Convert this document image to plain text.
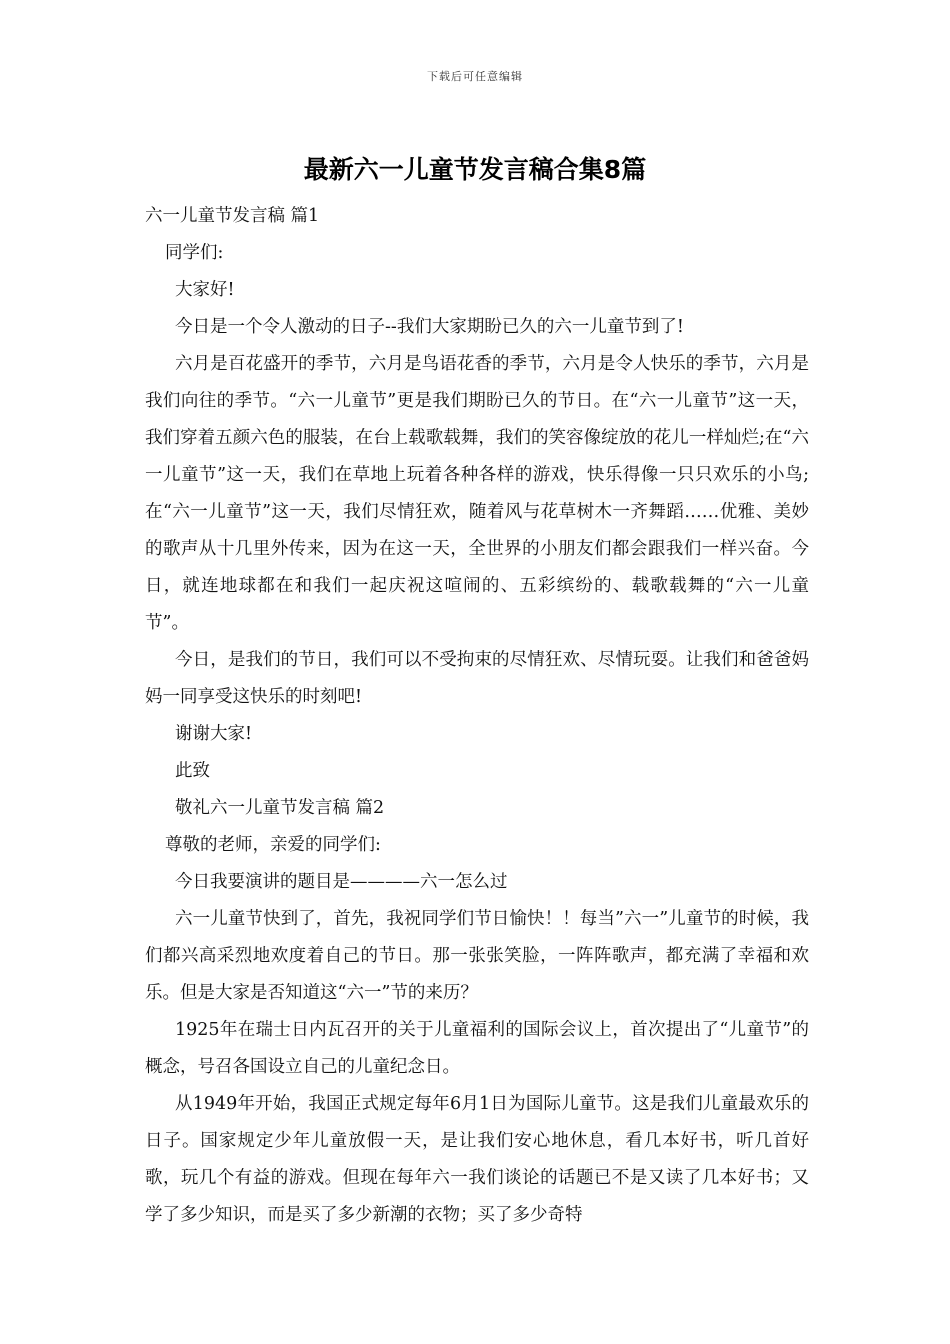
下载后可任意编辑
最新六一儿童节发言稿合集8篇

六一儿童节发言稿 篇1

同学们:

大家好!

今日是一个令人激动的日子--我们大家期盼已久的六一儿童节到了!

六月是百花盛开的季节，六月是鸟语花香的季节，六月是令人快乐的季节，六月是我们向往的季节。“六一儿童节”更是我们期盼已久的节日。在“六一儿童节”这一天，我们穿着五颜六色的服装，在台上载歌载舞，我们的笑容像绽放的花儿一样灿烂;在“六一儿童节”这一天，我们在草地上玩着各种各样的游戏，快乐得像一只只欢乐的小鸟;在“六一儿童节”这一天，我们尽情狂欢，随着风与花草树木一齐舞蹈……优雅、美妙的歌声从十几里外传来，因为在这一天，全世界的小朋友们都会跟我们一样兴奋。今日，就连地球都在和我们一起庆祝这喧闹的、五彩缤纷的、载歌载舞的“六一儿童节”。

今日，是我们的节日，我们可以不受拘束的尽情狂欢、尽情玩耍。让我们和爸爸妈妈一同享受这快乐的时刻吧!

谢谢大家!

此致

敬礼六一儿童节发言稿 篇2

尊敬的老师，亲爱的同学们:

今日我要演讲的题目是————六一怎么过

六一儿童节快到了，首先，我祝同学们节日愉快！！每当”六一”儿童节的时候，我们都兴高采烈地欢度着自己的节日。那一张张笑脸，一阵阵歌声，都充满了幸福和欢乐。但是大家是否知道这“六一”节的来历？

1925年在瑞士日内瓦召开的关于儿童福利的国际会议上，首次提出了“儿童节”的概念，号召各国设立自己的儿童纪念日。

从1949年开始，我国正式规定每年6月1日为国际儿童节。这是我们儿童最欢乐的日子。国家规定少年儿童放假一天，是让我们安心地休息，看几本好书，听几首好歌，玩几个有益的游戏。但现在每年六一我们谈论的话题已不是又读了几本好书；又学了多少知识，而是买了多少新潮的衣物；买了多少奇特
